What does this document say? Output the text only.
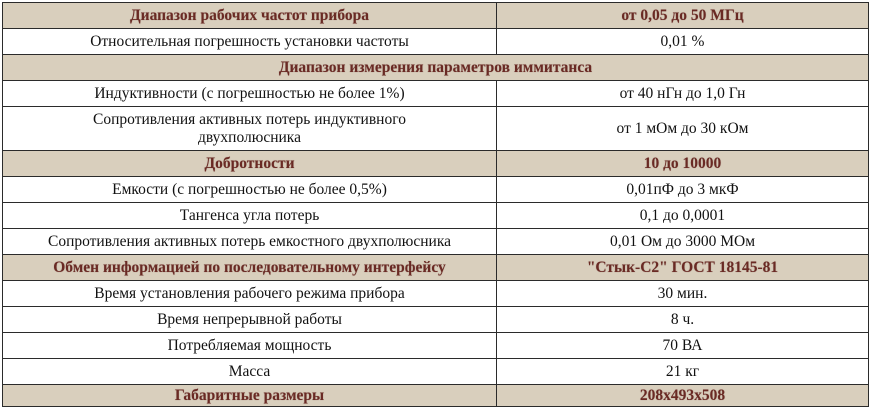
Диапазон рабочих частот прибора	от 0,05 до 50 МГц
Относительная погрешность установки частоты	0,01 %
Диапазон измерения параметров иммитанса	
Индуктивности (с погрешностью не более 1%)	от 40 нГн до 1,0 Гн
Сопротивления активных потерь индуктивного
двухполюсника	от 1 мОм до 30 кОм
Добротности	10 до 10000
Емкости (с погрешностью не более 0,5%)	0,01пФ до 3 мкФ
Тангенса угла потерь	0,1 до 0,0001
Сопротивления активных потерь емкостного двухполюсника	0,01 Ом до 3000 МОм
Обмен информацией по последовательному интерфейсу	"Стык-С2" ГОСТ 18145-81
Время установления рабочего режима прибора	30 мин.
Время непрерывной работы	8 ч.
Потребляемая мощность	70 ВА
Масса	21 кг
Габаритные размеры	208х493х508
